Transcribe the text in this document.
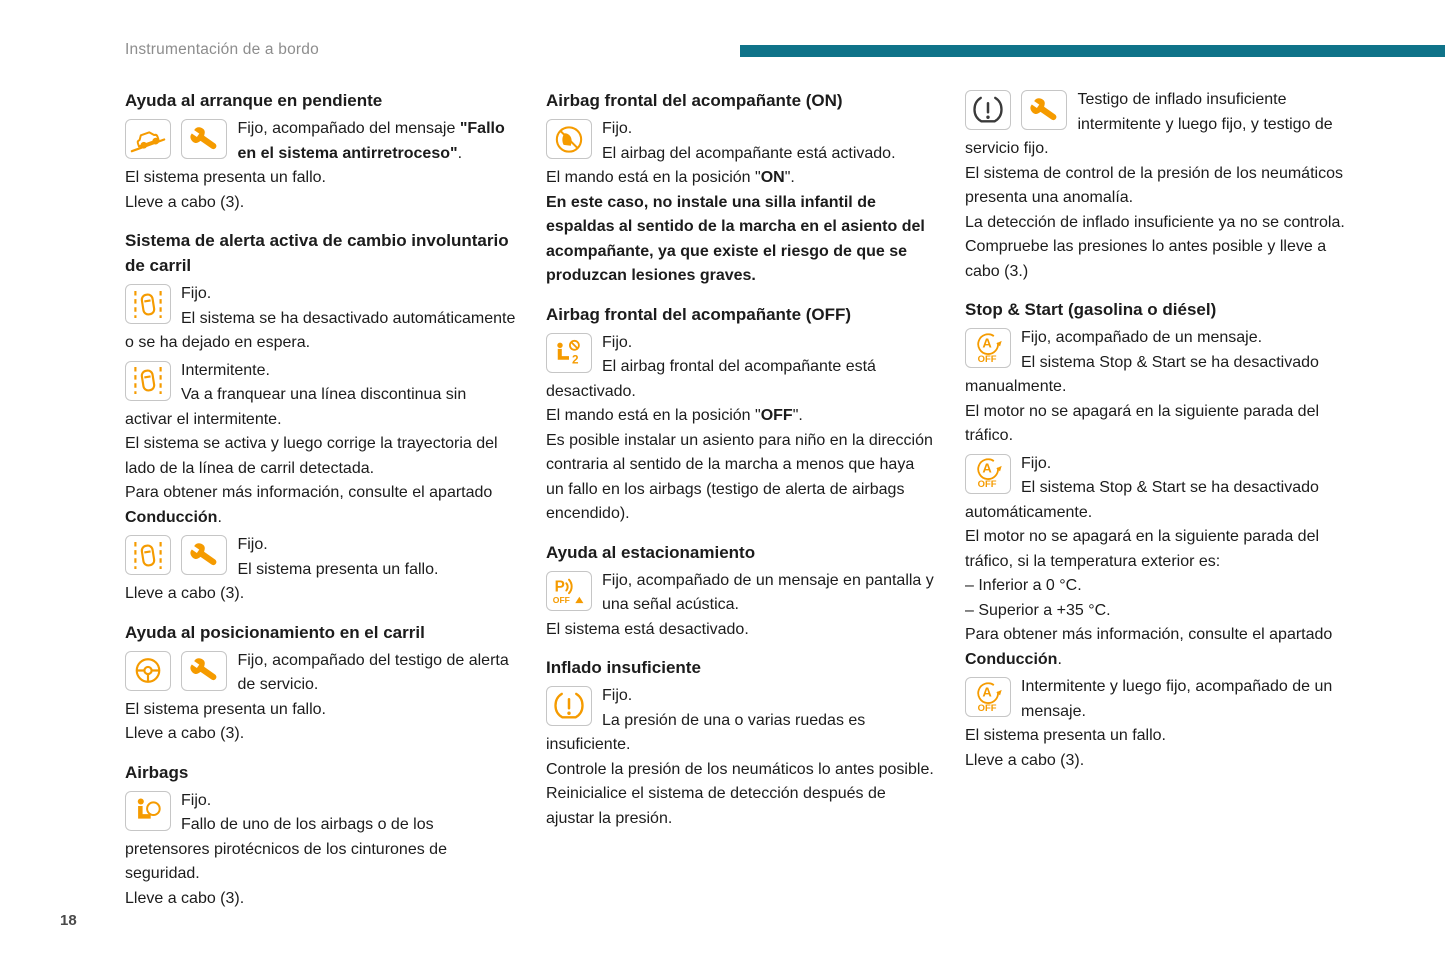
Instrumentación de a bordo
Ayuda al arranque en pendiente

Fijo, acompañado del mensaje "Fallo en el sistema antirretroceso".
El sistema presenta un fallo.
Lleve a cabo (3).
Sistema de alerta activa de cambio involuntario de carril
Fijo.
El sistema se ha desactivado automáticamente o se ha dejado en espera.
Intermitente.
Va a franquear una línea discontinua sin activar el intermitente.
El sistema se activa y luego corrige la trayectoria del lado de la línea de carril detectada.
Para obtener más información, consulte el apartado Conducción.

Fijo.
El sistema presenta un fallo.
Lleve a cabo (3).
Ayuda al posicionamiento en el carril

Fijo, acompañado del testigo de alerta de servicio.
El sistema presenta un fallo.
Lleve a cabo (3).
Airbags
Fijo.
Fallo de uno de los airbags o de los pretensores pirotécnicos de los cinturones de seguridad.
Lleve a cabo (3).
Airbag frontal del acompañante (ON)
Fijo.
El airbag del acompañante está activado.
El mando está en la posición "ON".
En este caso, no instale una silla infantil de espaldas al sentido de la marcha en el asiento del acompañante, ya que existe el riesgo de que se produzcan lesiones graves.
Airbag frontal del acompañante (OFF)
Fijo.
El airbag frontal del acompañante está desactivado.
El mando está en la posición "OFF".
Es posible instalar un asiento para niño en la dirección contraria al sentido de la marcha a menos que haya un fallo en los airbags (testigo de alerta de airbags encendido).
Ayuda al estacionamiento
Fijo, acompañado de un mensaje en pantalla y una señal acústica.
El sistema está desactivado.
Inflado insuficiente
Fijo.
La presión de una o varias ruedas es insuficiente.
Controle la presión de los neumáticos lo antes posible.
Reinicialice el sistema de detección después de ajustar la presión.

Testigo de inflado insuficiente intermitente y luego fijo, y testigo de servicio fijo.
El sistema de control de la presión de los neumáticos presenta una anomalía.
La detección de inflado insuficiente ya no se controla.
Compruebe las presiones lo antes posible y lleve a cabo (3.)
Stop & Start (gasolina o diésel)
Fijo, acompañado de un mensaje.
El sistema Stop & Start se ha desactivado manualmente.
El motor no se apagará en la siguiente parada del tráfico.
Fijo.
El sistema Stop & Start se ha desactivado automáticamente.
El motor no se apagará en la siguiente parada del tráfico, si la temperatura exterior es:
– Inferior a 0 °C.
– Superior a +35 °C.
Para obtener más información, consulte el apartado Conducción.
Intermitente y luego fijo, acompañado de un mensaje.
El sistema presenta un fallo.
Lleve a cabo (3).
18
